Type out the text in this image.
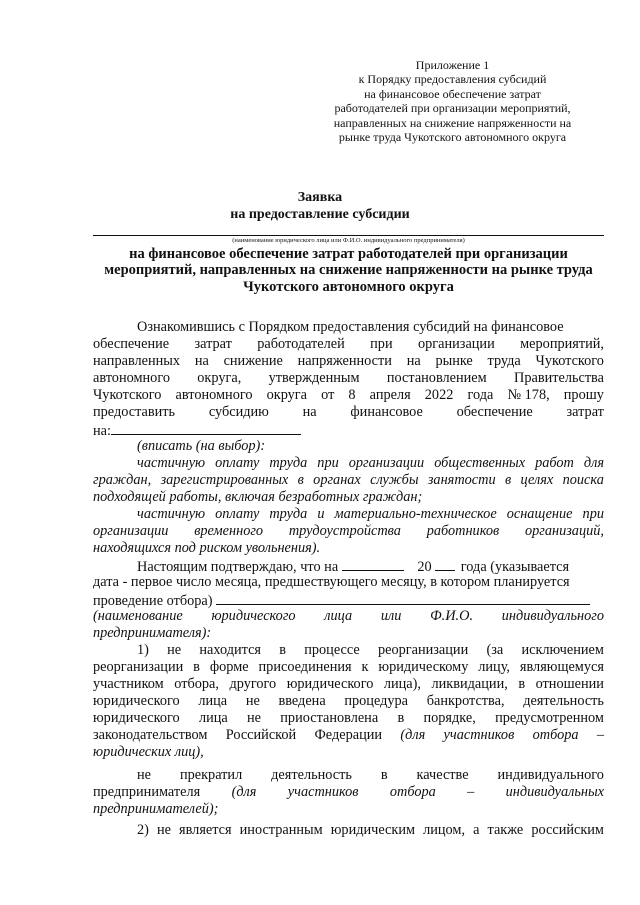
Приложение 1
к Порядку предоставления субсидий
на финансовое обеспечение затрат
работодателей при организации мероприятий,
направленных на снижение напряженности на
рынке труда Чукотского автономного округа
Заявка
на предоставление субсидии
(наименование юридического лица или Ф.И.О. индивидуального предпринимателя)
на финансовое обеспечение затрат работодателей при организации
мероприятий, направленных на снижение напряженности на рынке труда
Чукотского автономного округа
Ознакомившись с Порядком предоставления субсидий на финансовое
обеспечение затрат работодателей при организации мероприятий,
направленных на снижение напряженности на рынке труда Чукотского
автономного округа, утвержденным постановлением Правительства
Чукотского автономного округа от 8 апреля 2022 года № 178, прошу
предоставить субсидию на финансовое обеспечение затрат
на:
(вписать (на выбор):
частичную оплату труда при организации общественных работ для
граждан, зарегистрированных в органах службы занятости в целях поиска
подходящей работы, включая безработных граждан;
частичную оплату труда и материально-техническое оснащение при
организации временного трудоустройства работников организаций,
находящихся под риском увольнения).
Настоящим подтверждаю, что на	20 года (указывается
дата - первое число месяца, предшествующего месяцу, в котором планируется
проведение отбора)
(наименование юридического лица или Ф.И.О. индивидуального
предпринимателя):
1) не находится в процессе реорганизации (за исключением
реорганизации в форме присоединения к юридическому лицу, являющемуся
участником отбора, другого юридического лица), ликвидации, в отношении
юридического лица не введена процедура банкротства, деятельность
юридического лица не приостановлена в порядке, предусмотренном
законодательством Российской Федерации (для участников отбора –
юридических лиц),
не прекратил деятельность в качестве индивидуального
предпринимателя (для участников отбора – индивидуальных
предпринимателей);
2) не является иностранным юридическим лицом, а также российским
